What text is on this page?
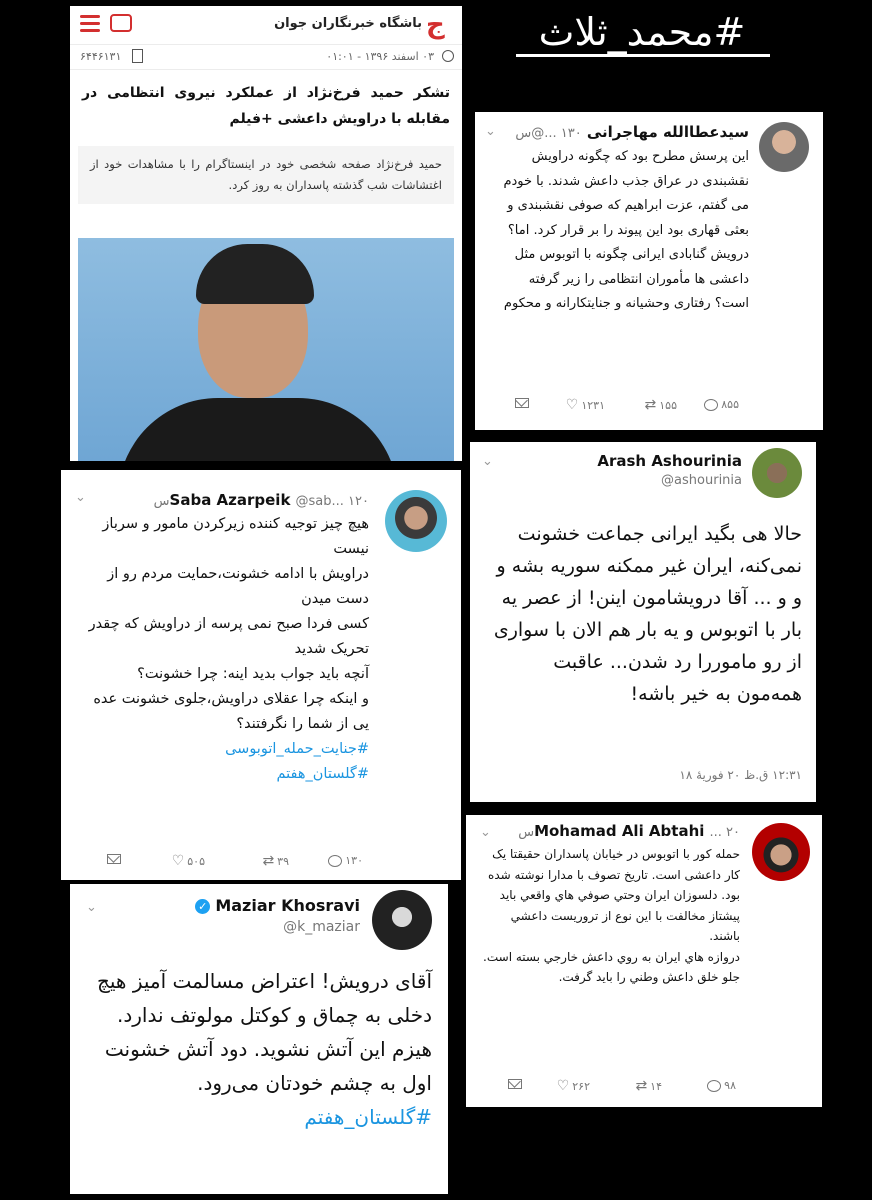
#محمد_ثلاث
ج
باشگاه خبرنگاران جوان
۰۳ اسفند ۱۳۹۶ - ۰۱:۰۱
۶۴۴۶۱۳۱
تشکر حمید فرخ‌نژاد از عملکرد نیروی انتظامی در مقابله با دراویش داعشی +فیلم
حمید فرخ‌نژاد صفحه شخصی خود در اینستاگرام را با مشاهدات خود از اغتشاشات شب گذشته پاسداران به روز کرد.
⌄	سیدعطاالله مهاجرانی ‎@... ۱۳۰س
این پرسش مطرح بود که چگونه دراویش نقشبندی در عراق جذب داعش شدند. با خودم می گفتم، عزت ابراهیم که صوفی نقشبندی و بعثی قهاری بود این پیوند را بر قرار کرد. اما؟ درویش گنابادی ایرانی چگونه با اتوبوس مثل داعشی ها مأموران انتظامی را زیر گرفته است؟ رفتاری وحشیانه و جنایتکارانه و محکوم
۸۵۵
⇄ ۱۵۵
♡ ۱۲۳۱
⌄	Arash Ashourinia
@ashourinia
حالا هی بگید ایرانی جماعت خشونت نمی‌کنه، ایران غیر ممکنه سوریه بشه و و و ... آقا درویشامون اینن! از عصر یه بار با اتوبوس و یه بار هم الان با سواری از رو ماموررا رد شدن... عاقبت همه‌مون به خیر باشه!
۱۲:۳۱ ق.ظ ۲۰ فوریهٔ ۱۸
⌄	Saba Azarpeik @sab... ۱۲۰س
هیچ چیز توجیه کننده زیرکردن مامور و سرباز نیست
دراویش با ادامه خشونت،حمایت مردم رو از دست میدن
کسی فردا صبح نمی پرسه از دراویش که چقدر تحریک شدید
آنچه باید جواب بدید اینه: چرا خشونت؟
و اینکه چرا عقلای دراویش،جلوی خشونت عده یی از شما را نگرفتند؟
#جنایت_حمله_اتوبوسی
#گلستان_هفتم
۱۳۰
⇄ ۳۹
♡ ۵۰۵
⌄	Mohamad Ali Abtahi ... ۲۰س
حمله کور با اتوبوس در خیابان پاسداران حقیقتا یک کار داعشی است. تاریخ تصوف با مدارا نوشته شده بود. دلسوزان ایران وحتي صوفي هاي واقعي بايد پيشتاز مخالفت با اين نوع از تروريست داعشي باشند.
دروازه هاي ايران به روي داعش خارجي بسته است. جلو خلق داعش وطني را بايد گرفت.
۹۸
⇄ ۱۴
♡ ۲۶۲
⌄	✓ Maziar Khosravi
@k_maziar
آقای درویش! اعتراض مسالمت آمیز هیچ دخلی به چماق و کوکتل مولوتف ندارد. هیزم این آتش نشوید. دود آتش خشونت اول به چشم خودتان می‌رود.
#گلستان_هفتم
